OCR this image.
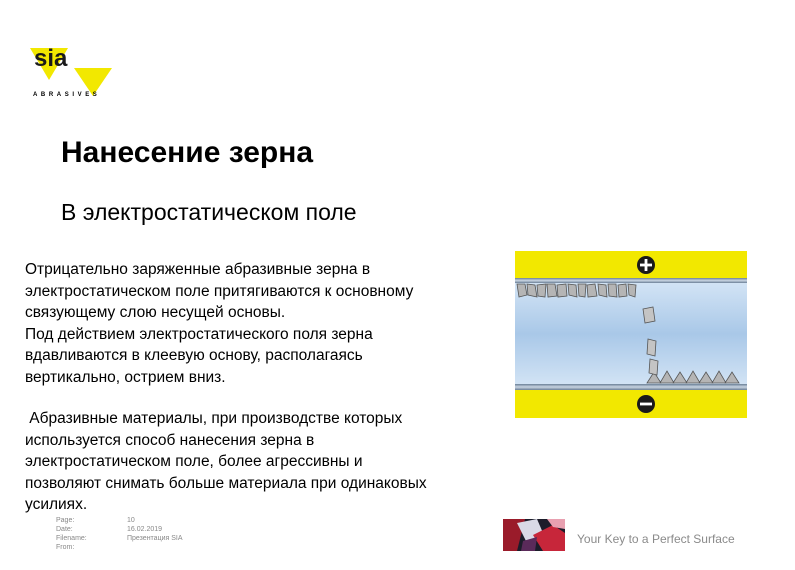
sia
ABRASIVES
Нанесение зерна
В электростатическом поле
Отрицательно заряженные абразивные зерна в
электростатическом поле притягиваются к основному
связующему слою несущей основы.
Под действием электростатического поля зерна
вдавливаются в клеевую основу, располагаясь
вертикально, острием вниз.
Абразивные материалы, при производстве которых
используется способ нанесения зерна в
электростатическом поле, более агрессивны и
позволяют снимать больше материала при одинаковых
усилиях.
Page:
Date:
Filename:
From:
10
16.02.2019
Презентация SIA	Your Key to a Perfect Surface
